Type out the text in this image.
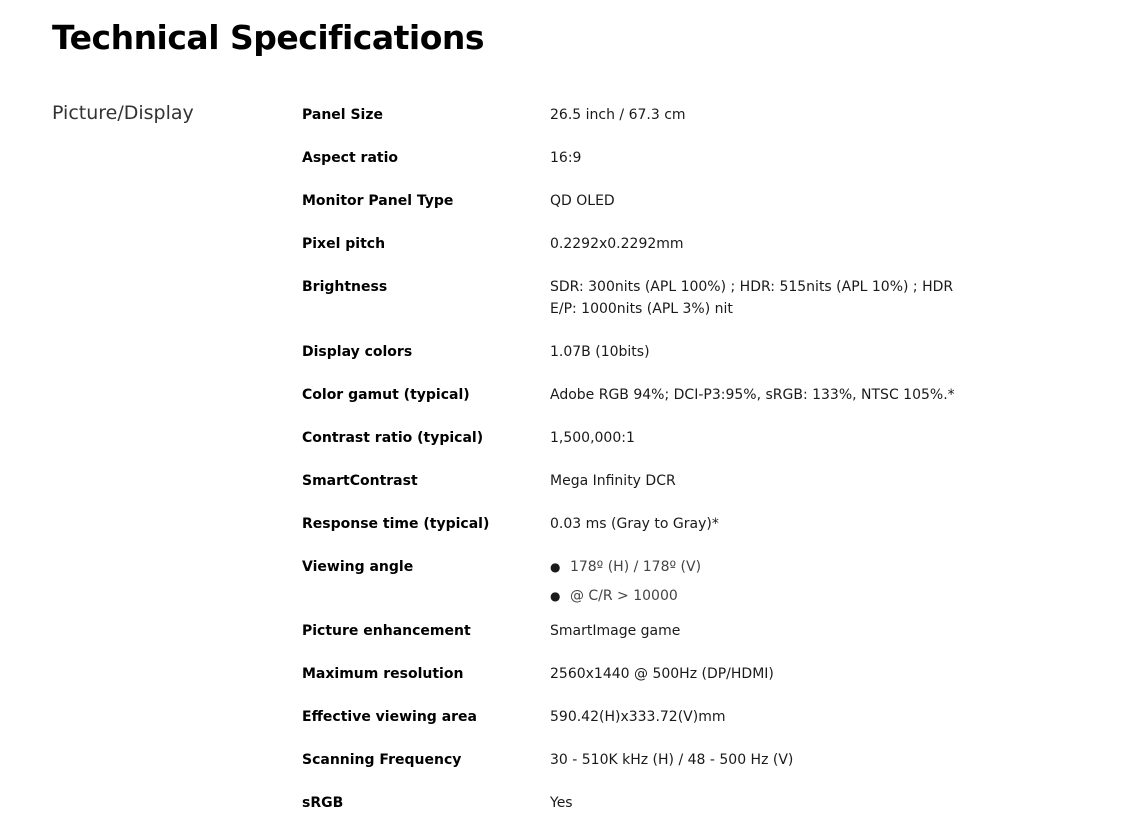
Technical Specifications
Picture/Display	Panel Size	26.5 inch / 67.3 cm
Aspect ratio	16:9
Monitor Panel Type	QD OLED
Pixel pitch	0.2292x0.2292mm
Brightness	SDR: 300nits (APL 100%) ; HDR: 515nits (APL 10%) ; HDR E/P: 1000nits (APL 3%) nit
Display colors	1.07B (10bits)
Color gamut (typical)	Adobe RGB 94%; DCI-P3:95%, sRGB: 133%, NTSC 105%.*
Contrast ratio (typical)	1,500,000:1
SmartContrast	Mega Infinity DCR
Response time (typical)	0.03 ms (Gray to Gray)*
Viewing angle	● 178º (H) / 178º (V)
● @ C/R > 10000
Picture enhancement	SmartImage game
Maximum resolution	2560x1440 @ 500Hz (DP/HDMI)
Effective viewing area	590.42(H)x333.72(V)mm
Scanning Frequency	30 - 510K kHz (H) / 48 - 500 Hz (V)
sRGB	Yes
